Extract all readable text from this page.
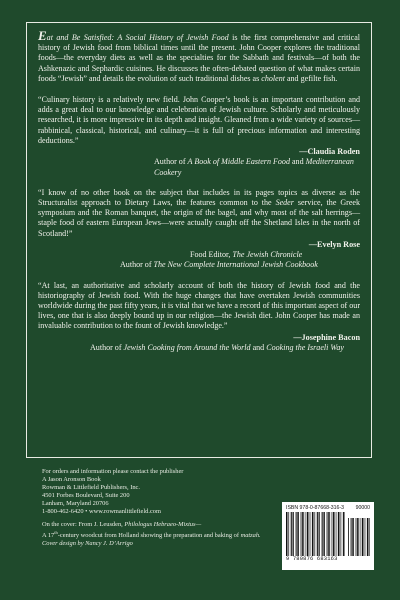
Eat and Be Satisfied: A Social History of Jewish Food is the first comprehensive and critical history of Jewish food from biblical times until the present. John Cooper explores the traditional foods—the everyday diets as well as the specialties for the Sabbath and festivals—of both the Ashkenazic and Sephardic cuisines. He discusses the often-debated question of what makes certain foods “Jewish” and details the evolution of such traditional dishes as cholent and gefilte fish.

“Culinary history is a relatively new field. John Cooper’s book is an important contribution and adds a great deal to our knowledge and celebration of Jewish culture. Scholarly and meticulously researched, it is more impressive in its depth and insight. Gleaned from a wide variety of sources—rabbinical, classical, historical, and culinary—it is full of precious information and interesting deductions.”

—Claudia Roden
Author of A Book of Middle Eastern Food and Mediterranean Cookery

“I know of no other book on the subject that includes in its pages topics as diverse as the Structuralist approach to Dietary Laws, the features common to the Seder service, the Greek symposium and the Roman banquet, the origin of the bagel, and why most of the salt herrings—staple food of eastern European Jews—were actually caught off the Shetland Isles in the north of Scotland!”

—Evelyn Rose
Food Editor, The Jewish Chronicle
Author of The New Complete International Jewish Cookbook

“At last, an authoritative and scholarly account of both the history of Jewish food and the historiography of Jewish food. With the huge changes that have overtaken Jewish communities worldwide during the past fifty years, it is vital that we have a record of this important aspect of our lives, one that is also deeply bound up in our religion—the Jewish diet. John Cooper has made an invaluable contribution to the fount of Jewish knowledge.”

—Josephine Bacon
Author of Jewish Cooking from Around the World and Cooking the Israeli Way
For orders and information please contact the publisher
A Jason Aronson Book
Rowman & Littlefield Publishers, Inc.
4501 Forbes Boulevard, Suite 200
Lanham, Maryland 20706
1-800-462-6420 • www.rowmanlittlefield.com
On the cover: From J. Leusden, Philologus Hebraeo-Mixtus—
A 17th-century woodcut from Holland showing the preparation and baking of matzah.
Cover design by Nancy J. D’Arrigo
ISBN 978-0-87668-316-3 90000
9 780876 683163
